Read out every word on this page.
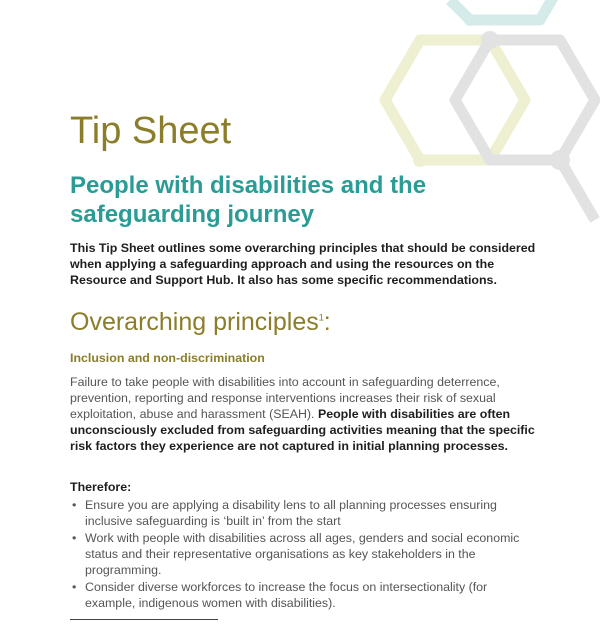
Tip Sheet
People with disabilities and the safeguarding journey

This Tip Sheet outlines some overarching principles that should be considered when applying a safeguarding approach and using the resources on the Resource and Support Hub. It also has some specific recommendations.

Overarching principles$^1$:
Inclusion and non-discrimination

Failure to take people with disabilities into account in safeguarding deterrence, prevention, reporting and response interventions increases their risk of sexual exploitation, abuse and harassment (SEAH). People with disabilities are often unconsciously excluded from safeguarding activities meaning that the specific risk factors they experience are not captured in initial planning processes.

Therefore:

• Ensure you are applying a disability lens to all planning processes ensuring inclusive safeguarding is ‘built in’ from the start
• Work with people with disabilities across all ages, genders and social economic status and their representative organisations as key stakeholders in the programming.
• Consider diverse workforces to increase the focus on intersectionality (for example, indigenous women with disabilities).
